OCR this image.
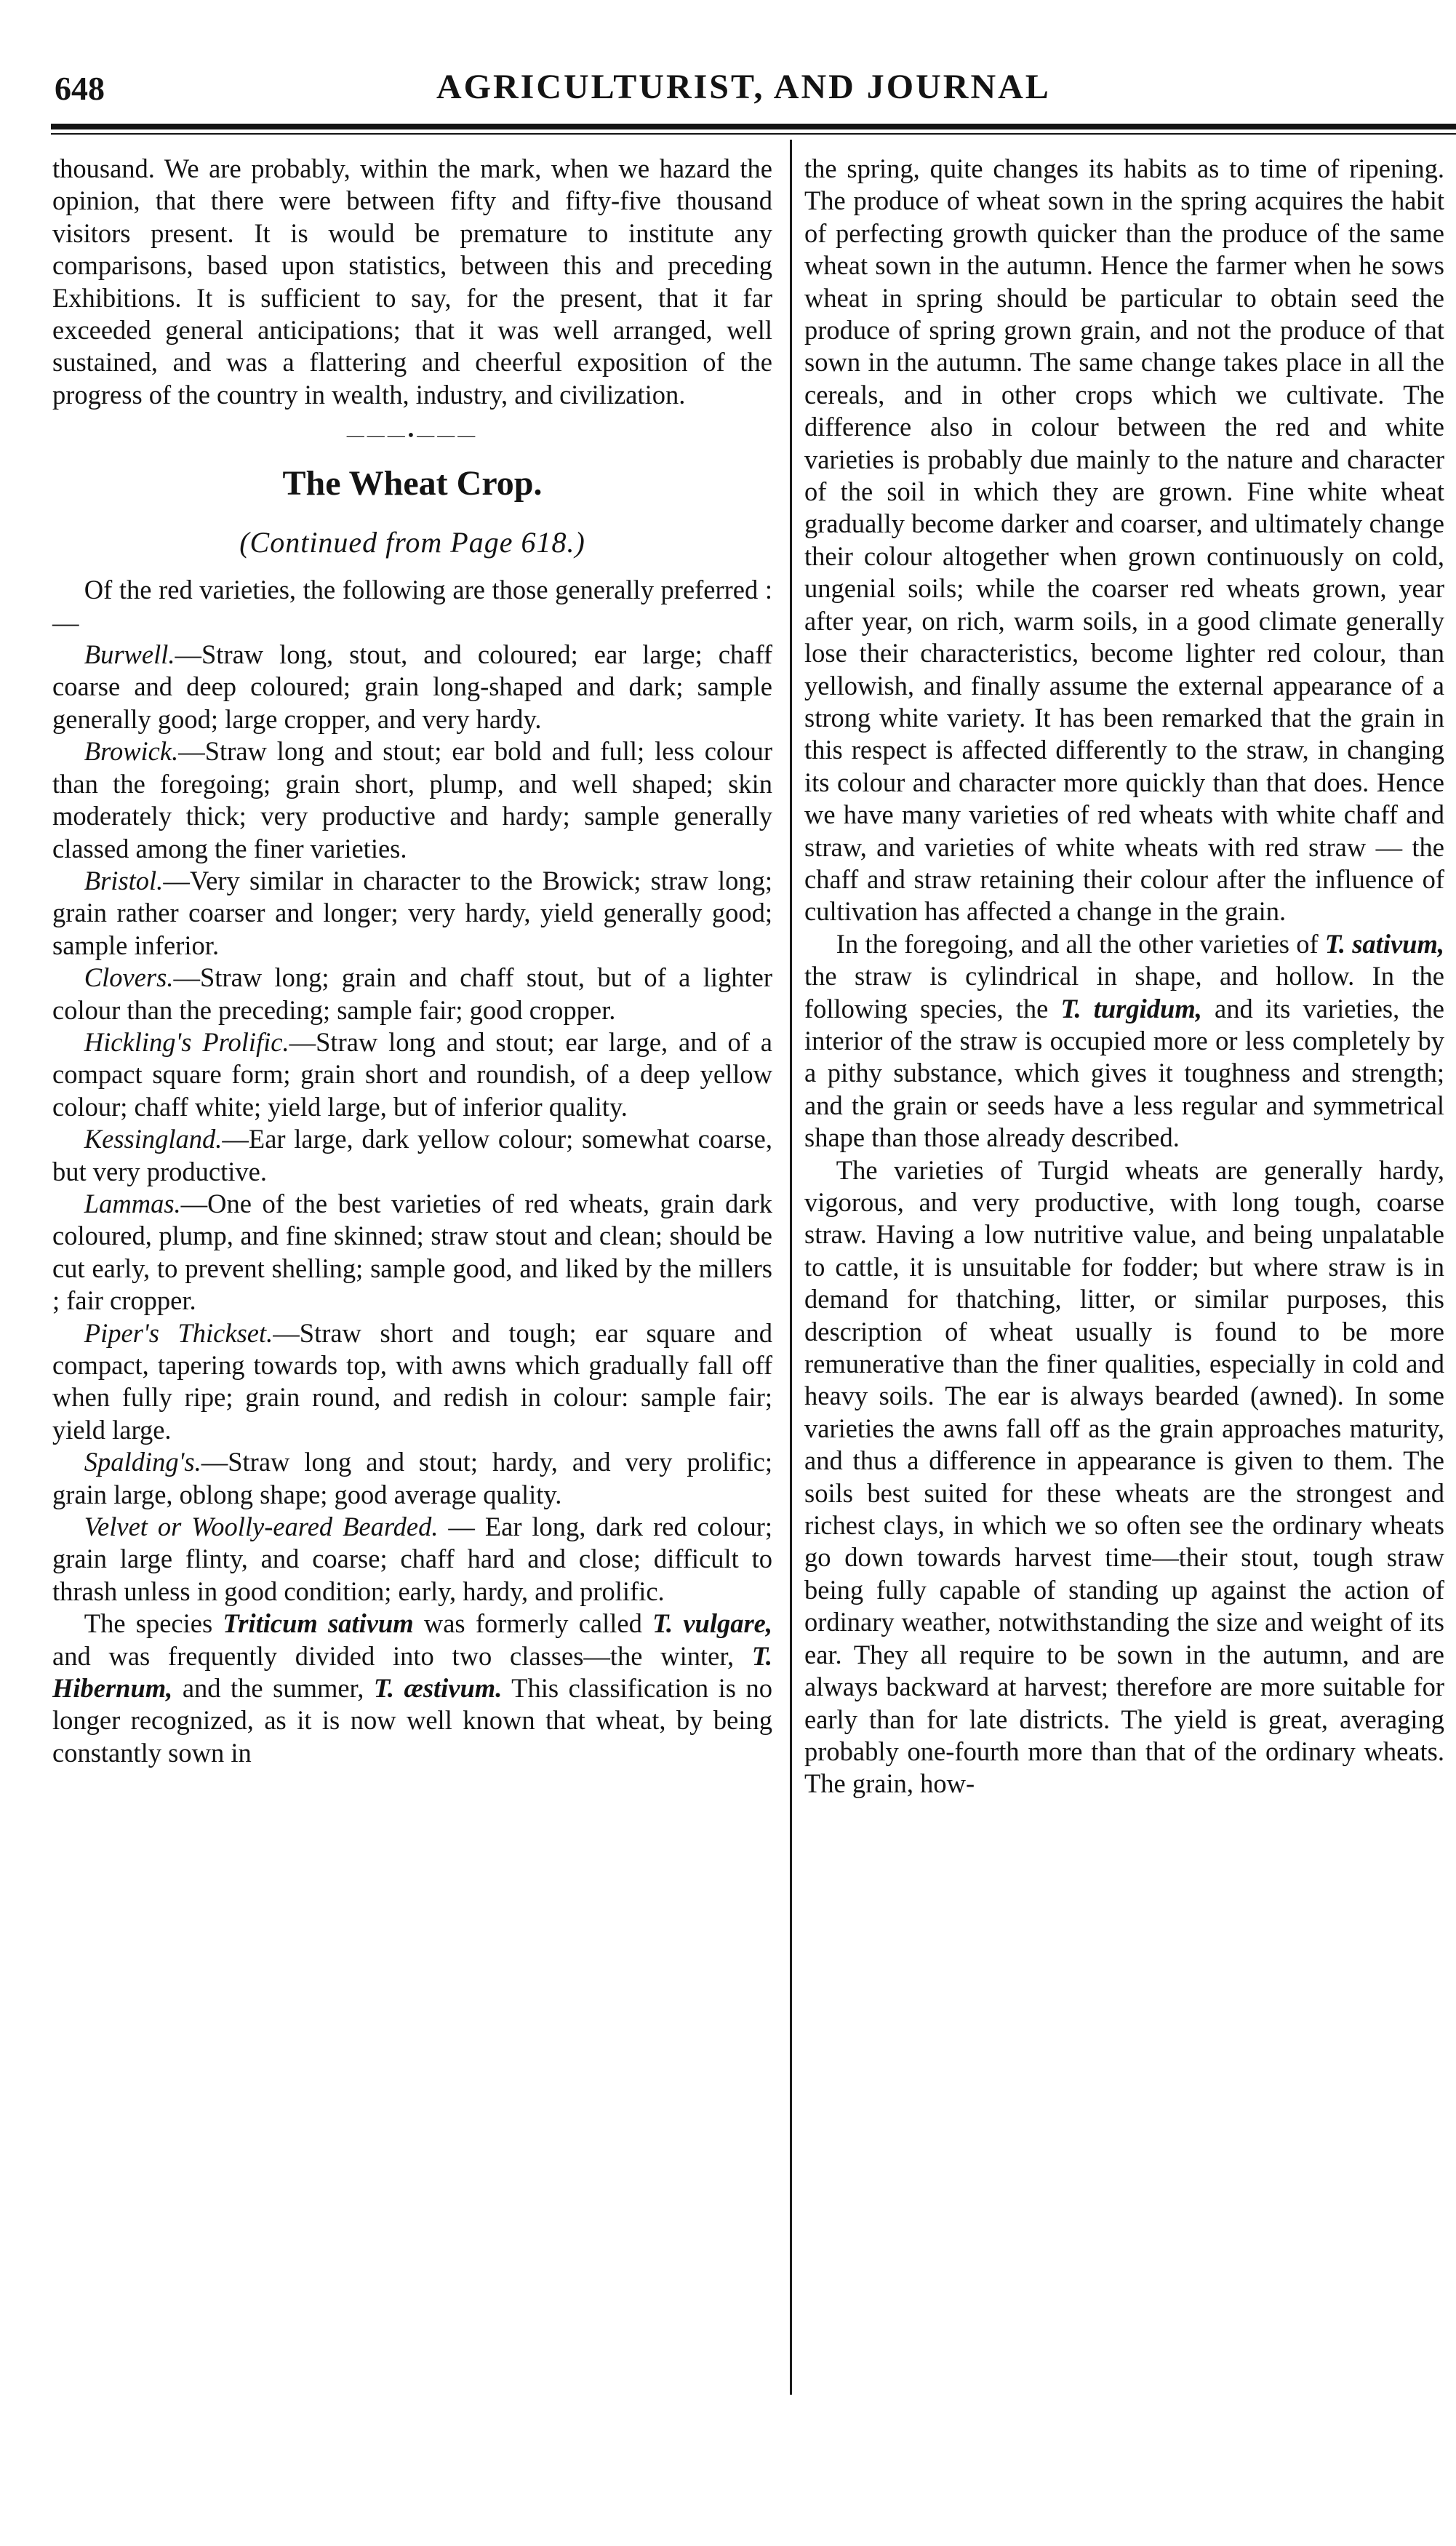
648	AGRICULTURIST, AND JOURNAL

thousand. We are probably, within the mark, when we hazard the opinion, that there were between fifty and fifty-five thousand visitors present. It is would be premature to institute any comparisons, based upon statistics, between this and preceding Exhibitions. It is sufficient to say, for the present, that it far exceeded general anticipations; that it was well arranged, well sustained, and was a flattering and cheerful exposition of the progress of the country in wealth, industry, and civilization.

———•———
The Wheat Crop.
(Continued from Page 618.)

Of the red varieties, the following are those generally preferred :—

Burwell.—Straw long, stout, and coloured; ear large; chaff coarse and deep coloured; grain long-shaped and dark; sample generally good; large cropper, and very hardy.

Browick.—Straw long and stout; ear bold and full; less colour than the foregoing; grain short, plump, and well shaped; skin moderately thick; very productive and hardy; sample generally classed among the finer varieties.

Bristol.—Very similar in character to the Browick; straw long; grain rather coarser and longer; very hardy, yield generally good; sample inferior.

Clovers.—Straw long; grain and chaff stout, but of a lighter colour than the preceding; sample fair; good cropper.

Hickling's Prolific.—Straw long and stout; ear large, and of a compact square form; grain short and roundish, of a deep yellow colour; chaff white; yield large, but of inferior quality.

Kessingland.—Ear large, dark yellow colour; somewhat coarse, but very productive.

Lammas.—One of the best varieties of red wheats, grain dark coloured, plump, and fine skinned; straw stout and clean; should be cut early, to prevent shelling; sample good, and liked by the millers ; fair cropper.

Piper's Thickset.—Straw short and tough; ear square and compact, tapering towards top, with awns which gradually fall off when fully ripe; grain round, and redish in colour: sample fair; yield large.

Spalding's.—Straw long and stout; hardy, and very prolific; grain large, oblong shape; good average quality.

Velvet or Woolly-eared Bearded. — Ear long, dark red colour; grain large flinty, and coarse; chaff hard and close; difficult to thrash unless in good condition; early, hardy, and prolific.

The species Triticum sativum was formerly called T. vulgare, and was frequently divided into two classes—the winter, T. Hibernum, and the summer, T. æstivum. This classification is no longer recognized, as it is now well known that wheat, by being constantly sown in

the spring, quite changes its habits as to time of ripening. The produce of wheat sown in the spring acquires the habit of perfecting growth quicker than the produce of the same wheat sown in the autumn. Hence the farmer when he sows wheat in spring should be particular to obtain seed the produce of spring grown grain, and not the produce of that sown in the autumn. The same change takes place in all the cereals, and in other crops which we cultivate. The difference also in colour between the red and white varieties is probably due mainly to the nature and character of the soil in which they are grown. Fine white wheat gradually become darker and coarser, and ultimately change their colour altogether when grown continuously on cold, ungenial soils; while the coarser red wheats grown, year after year, on rich, warm soils, in a good climate generally lose their characteristics, become lighter red colour, than yellowish, and finally assume the external appearance of a strong white variety. It has been remarked that the grain in this respect is affected differently to the straw, in changing its colour and character more quickly than that does. Hence we have many varieties of red wheats with white chaff and straw, and varieties of white wheats with red straw — the chaff and straw retaining their colour after the influence of cultivation has affected a change in the grain.

In the foregoing, and all the other varieties of T. sativum, the straw is cylindrical in shape, and hollow. In the following species, the T. turgidum, and its varieties, the interior of the straw is occupied more or less completely by a pithy substance, which gives it toughness and strength; and the grain or seeds have a less regular and symmetrical shape than those already described.

The varieties of Turgid wheats are generally hardy, vigorous, and very productive, with long tough, coarse straw. Having a low nutritive value, and being unpalatable to cattle, it is unsuitable for fodder; but where straw is in demand for thatching, litter, or similar purposes, this description of wheat usually is found to be more remunerative than the finer qualities, especially in cold and heavy soils. The ear is always bearded (awned). In some varieties the awns fall off as the grain approaches maturity, and thus a difference in appearance is given to them. The soils best suited for these wheats are the strongest and richest clays, in which we so often see the ordinary wheats go down towards harvest time—their stout, tough straw being fully capable of standing up against the action of ordinary weather, notwithstanding the size and weight of its ear. They all require to be sown in the autumn, and are always backward at harvest; therefore are more suitable for early than for late districts. The yield is great, averaging probably one-fourth more than that of the ordinary wheats. The grain, how-
